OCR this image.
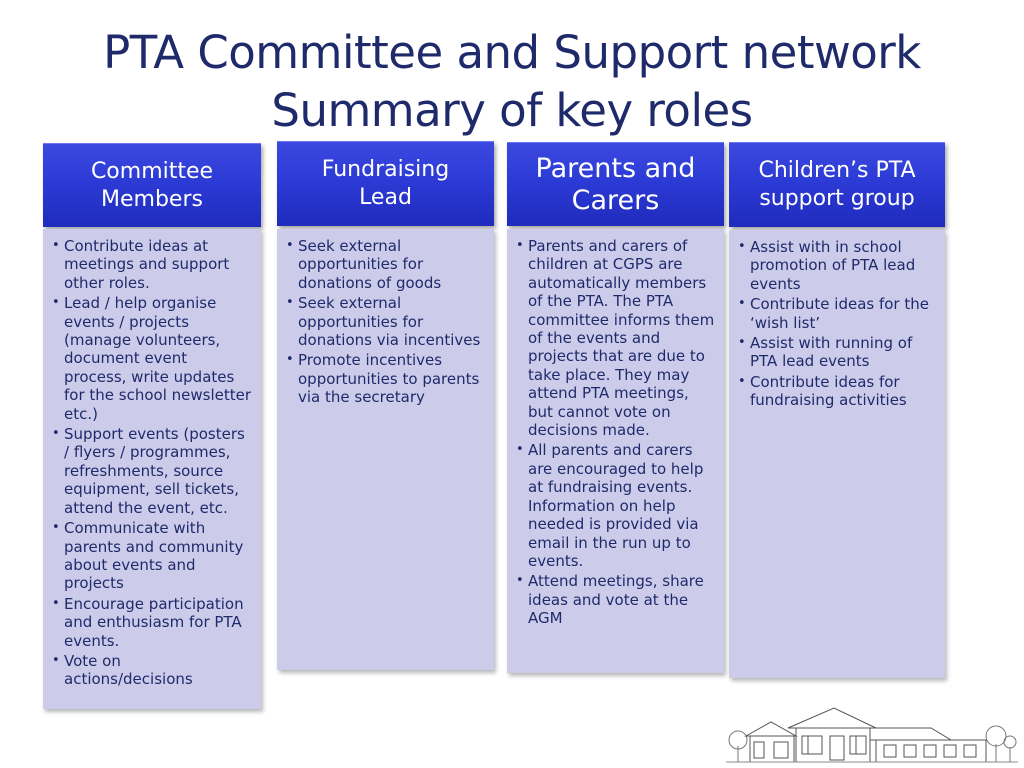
PTA Committee and Support network
Summary of key roles
Committee
Members
• Contribute ideas at meetings and support other roles.
• Lead / help organise events / projects (manage volunteers, document event process, write updates for the school newsletter etc.)
• Support events (posters / flyers / programmes, refreshments, source equipment, sell tickets, attend the event, etc.
• Communicate with parents and community about events and projects
• Encourage participation and enthusiasm for PTA events.
• Vote on actions/decisions
Fundraising
Lead
• Seek external opportunities for donations of goods
• Seek external opportunities for donations via incentives
• Promote incentives opportunities to parents via the secretary
Parents and
Carers
• Parents and carers of children at CGPS are automatically members of the PTA. The PTA committee informs them of the events and projects that are due to take place. They may attend PTA meetings, but cannot vote on decisions made.
• All parents and carers are encouraged to help at fundraising events. Information on help needed is provided via email in the run up to events.
• Attend meetings, share ideas and vote at the AGM
Children’s PTA
support group
• Assist with in school promotion of PTA lead events
• Contribute ideas for the ‘wish list’
• Assist with running of PTA lead events
• Contribute ideas for fundraising activities
